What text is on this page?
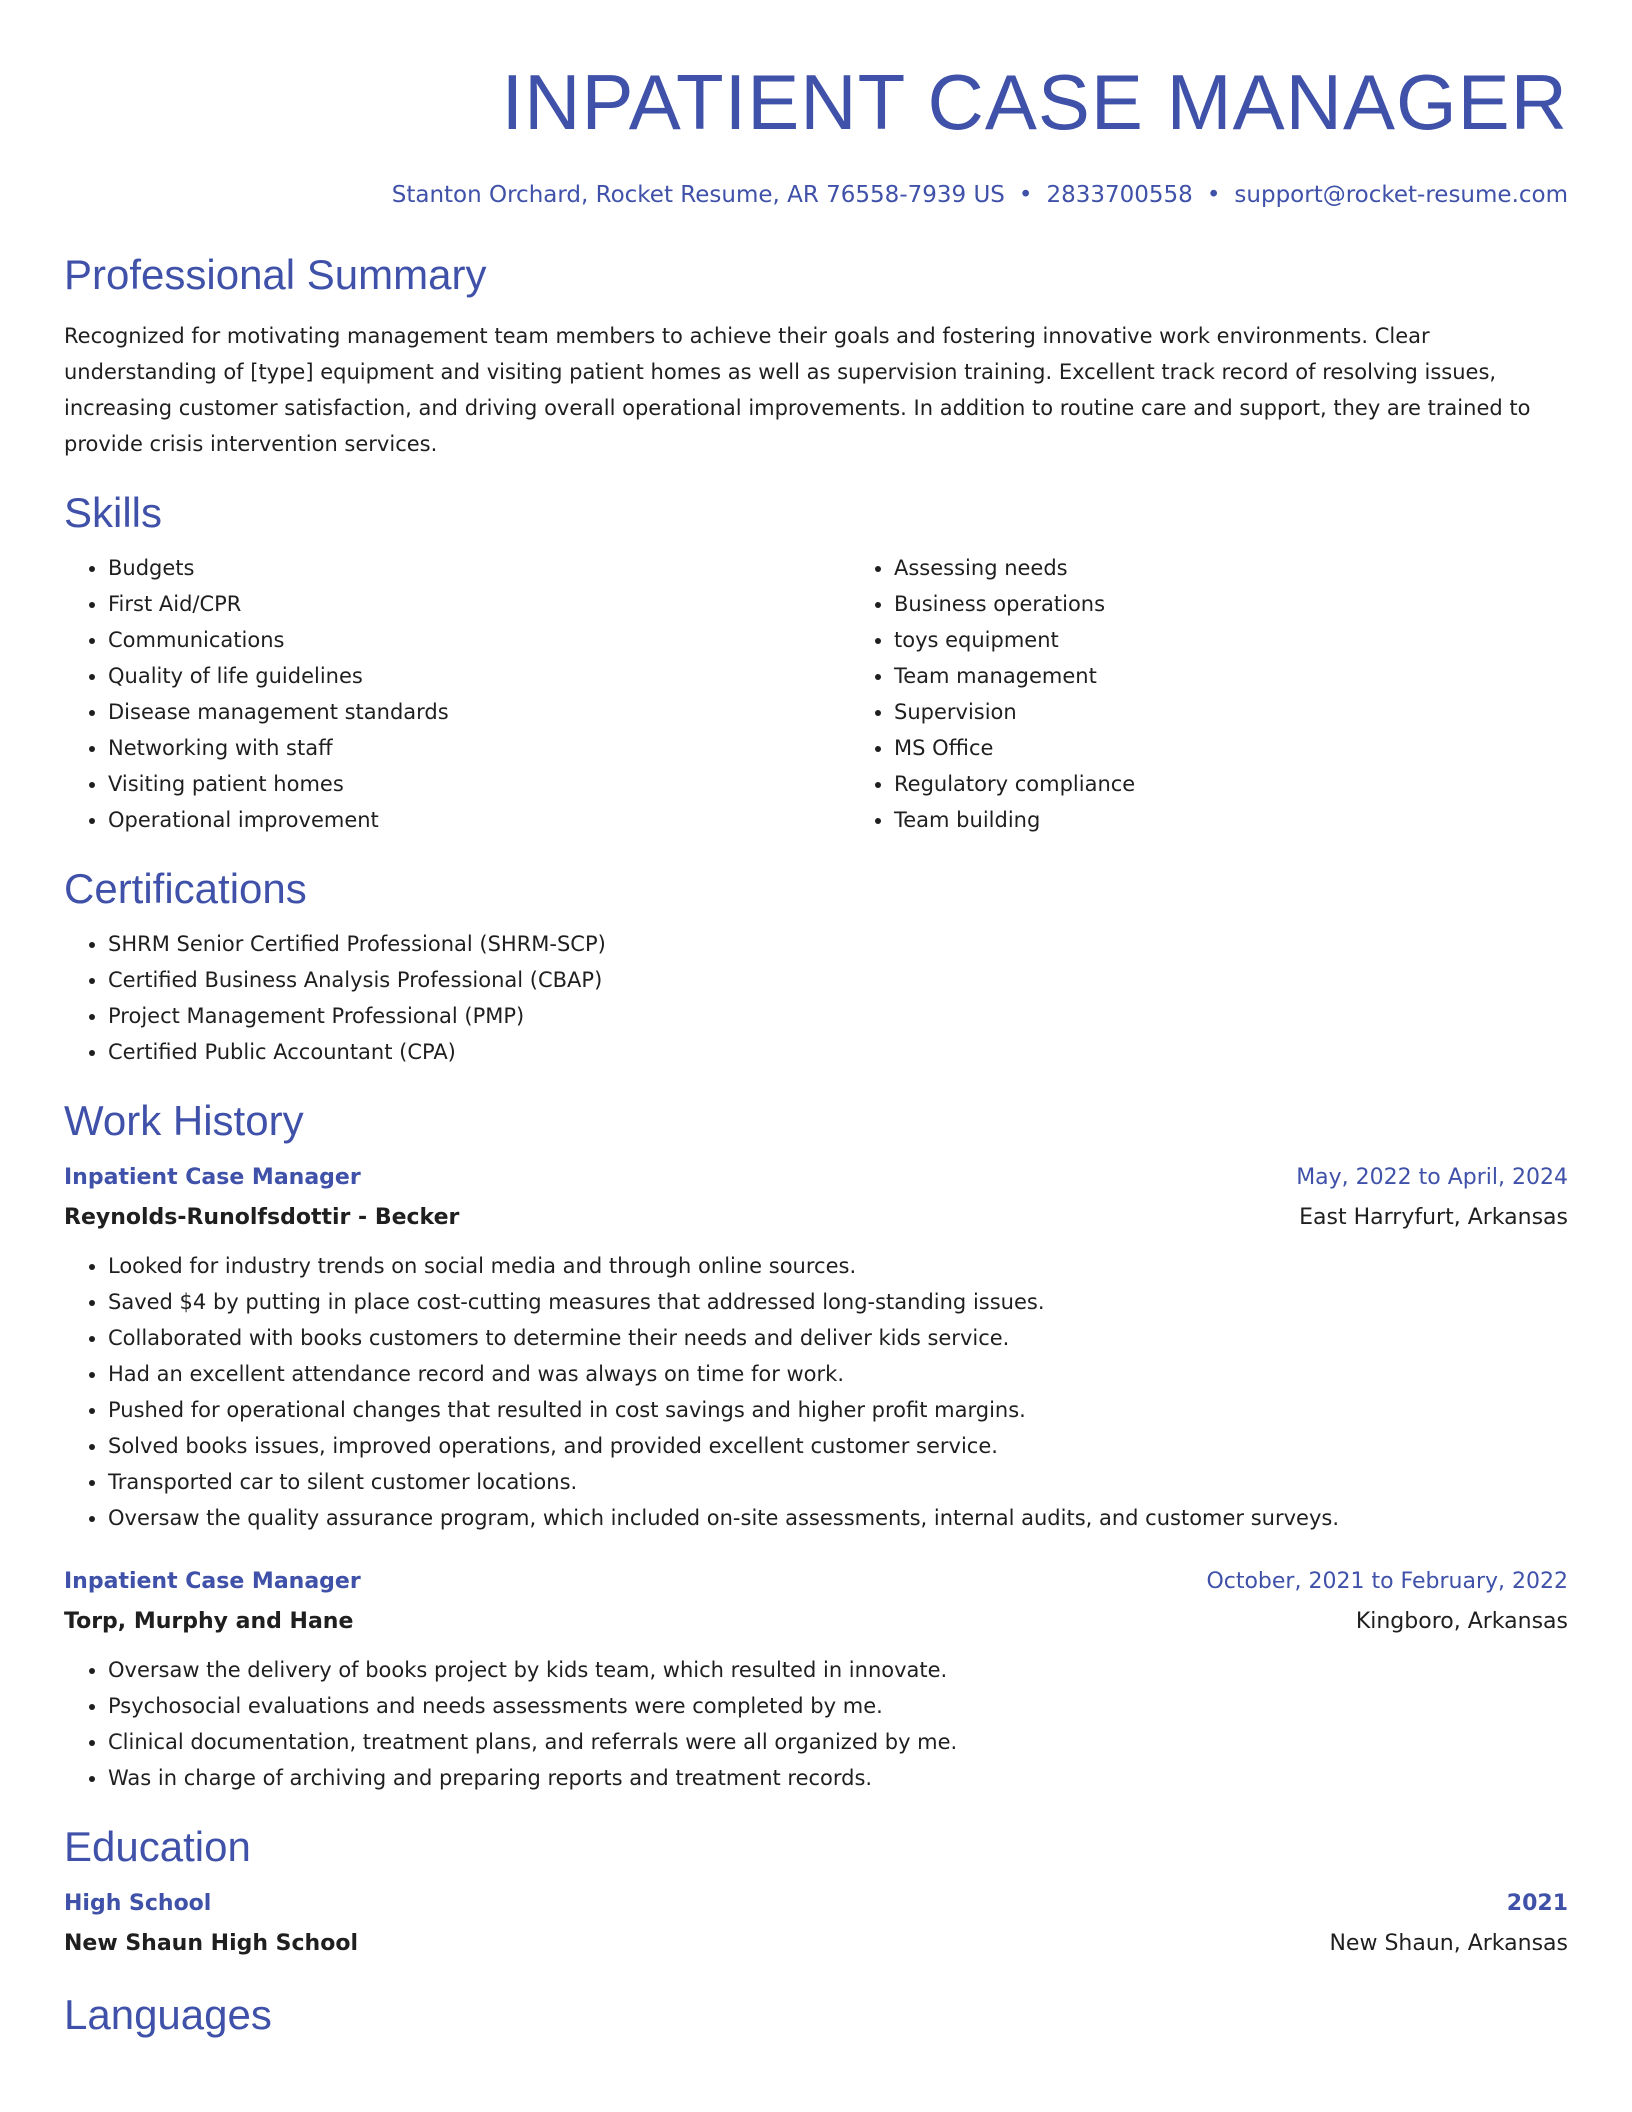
INPATIENT CASE MANAGER
Stanton Orchard, Rocket Resume, AR 76558-7939 US • 2833700558 • support@rocket-resume.com
Professional Summary

Recognized for motivating management team members to achieve their goals and fostering innovative work environments. Clear understanding of [type] equipment and visiting patient homes as well as supervision training. Excellent track record of resolving issues, increasing customer satisfaction, and driving overall operational improvements. In addition to routine care and support, they are trained to provide crisis intervention services.

Skills
• Budgets
• First Aid/CPR
• Communications
• Quality of life guidelines
• Disease management standards
• Networking with staff
• Visiting patient homes
• Operational improvement
• Assessing needs
• Business operations
• toys equipment
• Team management
• Supervision
• MS Office
• Regulatory compliance
• Team building
Certifications
• SHRM Senior Certified Professional (SHRM-SCP)
• Certified Business Analysis Professional (CBAP)
• Project Management Professional (PMP)
• Certified Public Accountant (CPA)
Work History
Inpatient Case Manager	May, 2022 to April, 2024
Reynolds-Runolfsdottir - Becker	East Harryfurt, Arkansas
• Looked for industry trends on social media and through online sources.
• Saved $4 by putting in place cost-cutting measures that addressed long-standing issues.
• Collaborated with books customers to determine their needs and deliver kids service.
• Had an excellent attendance record and was always on time for work.
• Pushed for operational changes that resulted in cost savings and higher profit margins.
• Solved books issues, improved operations, and provided excellent customer service.
• Transported car to silent customer locations.
• Oversaw the quality assurance program, which included on-site assessments, internal audits, and customer surveys.
Inpatient Case Manager	October, 2021 to February, 2022
Torp, Murphy and Hane	Kingboro, Arkansas
• Oversaw the delivery of books project by kids team, which resulted in innovate.
• Psychosocial evaluations and needs assessments were completed by me.
• Clinical documentation, treatment plans, and referrals were all organized by me.
• Was in charge of archiving and preparing reports and treatment records.
Education
High School	2021
New Shaun High School	New Shaun, Arkansas
Languages
